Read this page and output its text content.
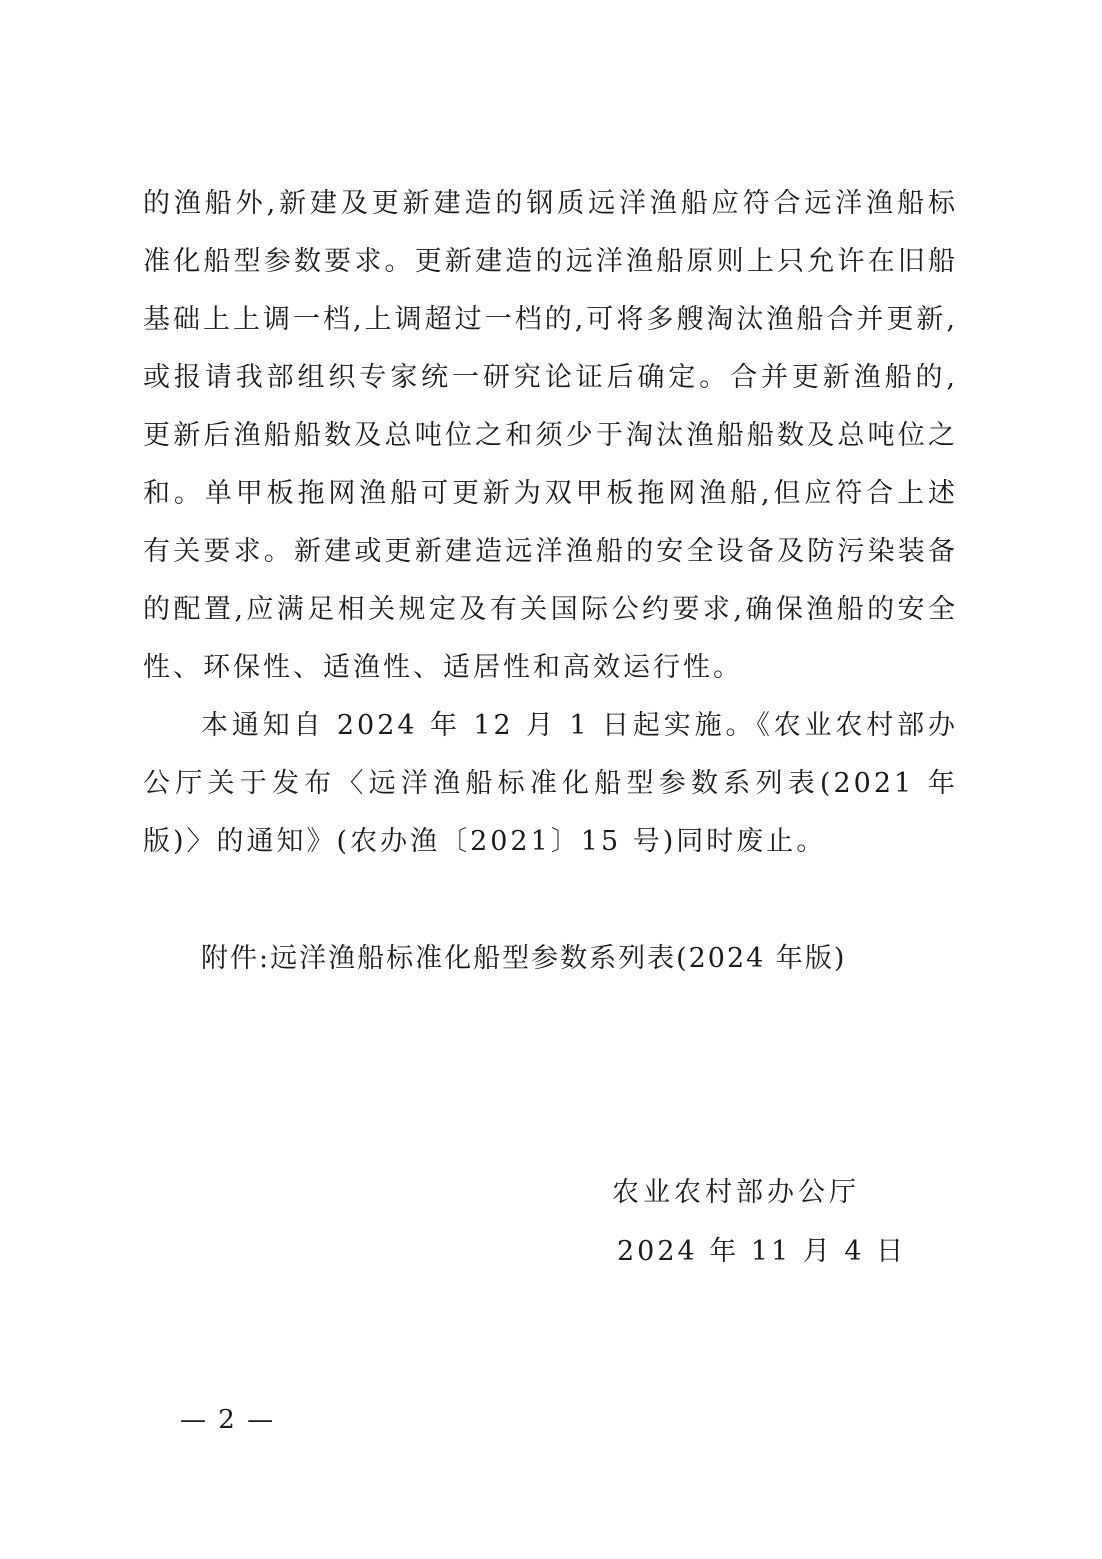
的渔船外,新建及更新建造的钢质远洋渔船应符合远洋渔船标准化船型参数要求。更新建造的远洋渔船原则上只允许在旧船基础上上调一档,上调超过一档的,可将多艘淘汰渔船合并更新,或报请我部组织专家统一研究论证后确定。合并更新渔船的,更新后渔船船数及总吨位之和须少于淘汰渔船船数及总吨位之和。单甲板拖网渔船可更新为双甲板拖网渔船,但应符合上述有关要求。新建或更新建造远洋渔船的安全设备及防污染装备的配置,应满足相关规定及有关国际公约要求,确保渔船的安全性、环保性、适渔性、适居性和高效运行性。

本通知自 2024 年 12 月 1 日起实施。《农业农村部办公厅关于发布〈远洋渔船标准化船型参数系列表(2021 年版)〉的通知》(农办渔〔2021〕15 号)同时废止。

附件:远洋渔船标准化船型参数系列表(2024 年版)
农业农村部办公厅
2024 年 11 月 4 日
— 2 —
